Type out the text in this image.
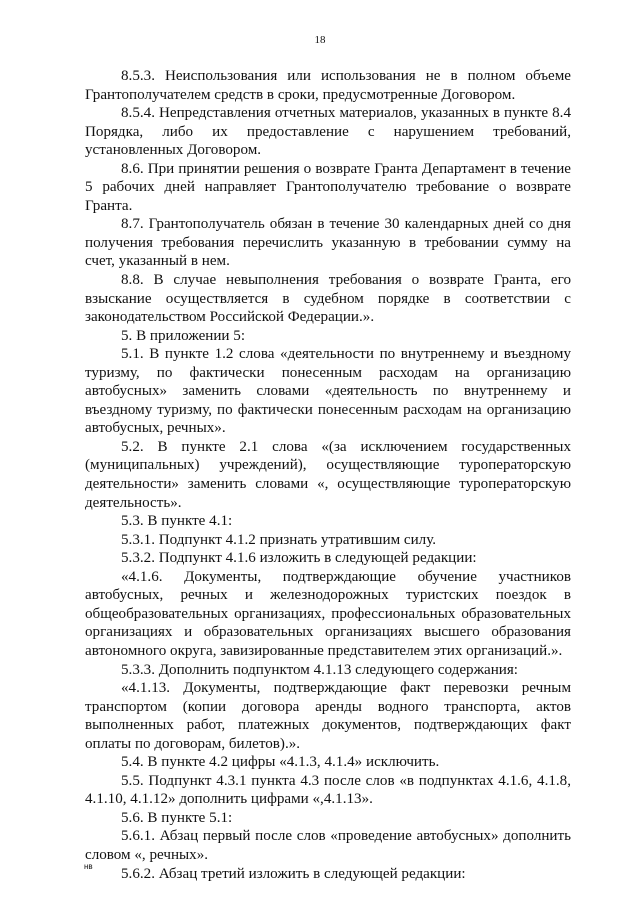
18

8.5.3. Неиспользования или использования не в полном объеме Грантополучателем средств в сроки, предусмотренные Договором.

8.5.4. Непредставления отчетных материалов, указанных в пункте 8.4 Порядка, либо их предоставление с нарушением требований, установленных Договором.

8.6. При принятии решения о возврате Гранта Департамент в течение 5 рабочих дней направляет Грантополучателю требование о возврате Гранта.

8.7. Грантополучатель обязан в течение 30 календарных дней со дня получения требования перечислить указанную в требовании сумму на счет, указанный в нем.

8.8. В случае невыполнения требования о возврате Гранта, его взыскание осуществляется в судебном порядке в соответствии с законодательством Российской Федерации.».

5. В приложении 5:

5.1. В пункте 1.2 слова «деятельности по внутреннему и въездному туризму, по фактически понесенным расходам на организацию автобусных» заменить словами «деятельность по внутреннему и въездному туризму, по фактически понесенным расходам на организацию автобусных, речных».

5.2. В пункте 2.1 слова «(за исключением государственных (муниципальных) учреждений), осуществляющие туроператорскую деятельности» заменить словами «, осуществляющие туроператорскую деятельность».

5.3. В пункте 4.1:

5.3.1. Подпункт 4.1.2 признать утратившим силу.

5.3.2. Подпункт 4.1.6 изложить в следующей редакции:

«4.1.6. Документы, подтверждающие обучение участников автобусных, речных и железнодорожных туристских поездок в общеобразовательных организациях, профессиональных образовательных организациях и образовательных организациях высшего образования автономного округа, завизированные представителем этих организаций.».

5.3.3. Дополнить подпунктом 4.1.13 следующего содержания:

«4.1.13. Документы, подтверждающие факт перевозки речным транспортом (копии договора аренды водного транспорта, актов выполненных работ, платежных документов, подтверждающих факт оплаты по договорам, билетов).».

5.4. В пункте 4.2 цифры «4.1.3, 4.1.4» исключить.

5.5. Подпункт 4.3.1 пункта 4.3 после слов «в подпунктах 4.1.6, 4.1.8, 4.1.10, 4.1.12» дополнить цифрами «,4.1.13».

5.6. В пункте 5.1:

5.6.1. Абзац первый после слов «проведение автобусных» дополнить словом «, речных».

5.6.2. Абзац третий изложить в следующей редакции:

нв
